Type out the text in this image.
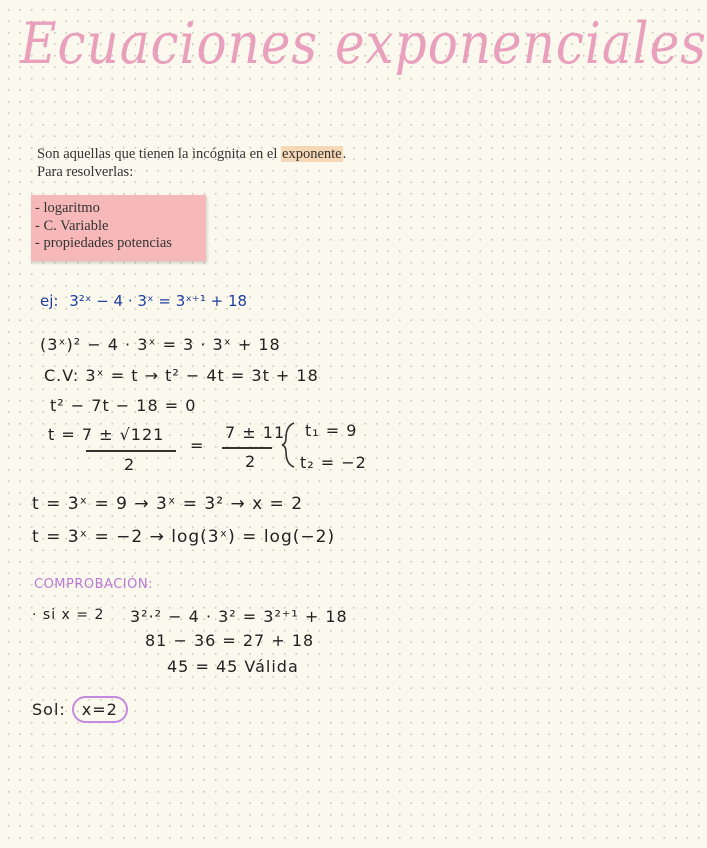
Ecuaciones exponenciales
Son aquellas que tienen la incógnita en el exponente.
Para resolverlas:
- logaritmo
- C. Variable
- propiedades potencias
ej: 3²ˣ − 4 · 3ˣ = 3ˣ⁺¹ + 18
(3ˣ)² − 4 · 3ˣ = 3 · 3ˣ + 18
C.V: 3ˣ = t → t² − 4t = 3t + 18
t² − 7t − 18 = 0
t = 7 ± √121
2
=
7 ± 11
2
t₁ = 9
t₂ = −2
t = 3ˣ = 9 → 3ˣ = 3² → x = 2
t = 3ˣ = −2 → log(3ˣ) = log(−2)
COMPROBACIÓN:
· si x = 2 3²·² − 4 · 3² = 3²⁺¹ + 18
81 − 36 = 27 + 18
45 = 45 Válida
Sol: x=2
